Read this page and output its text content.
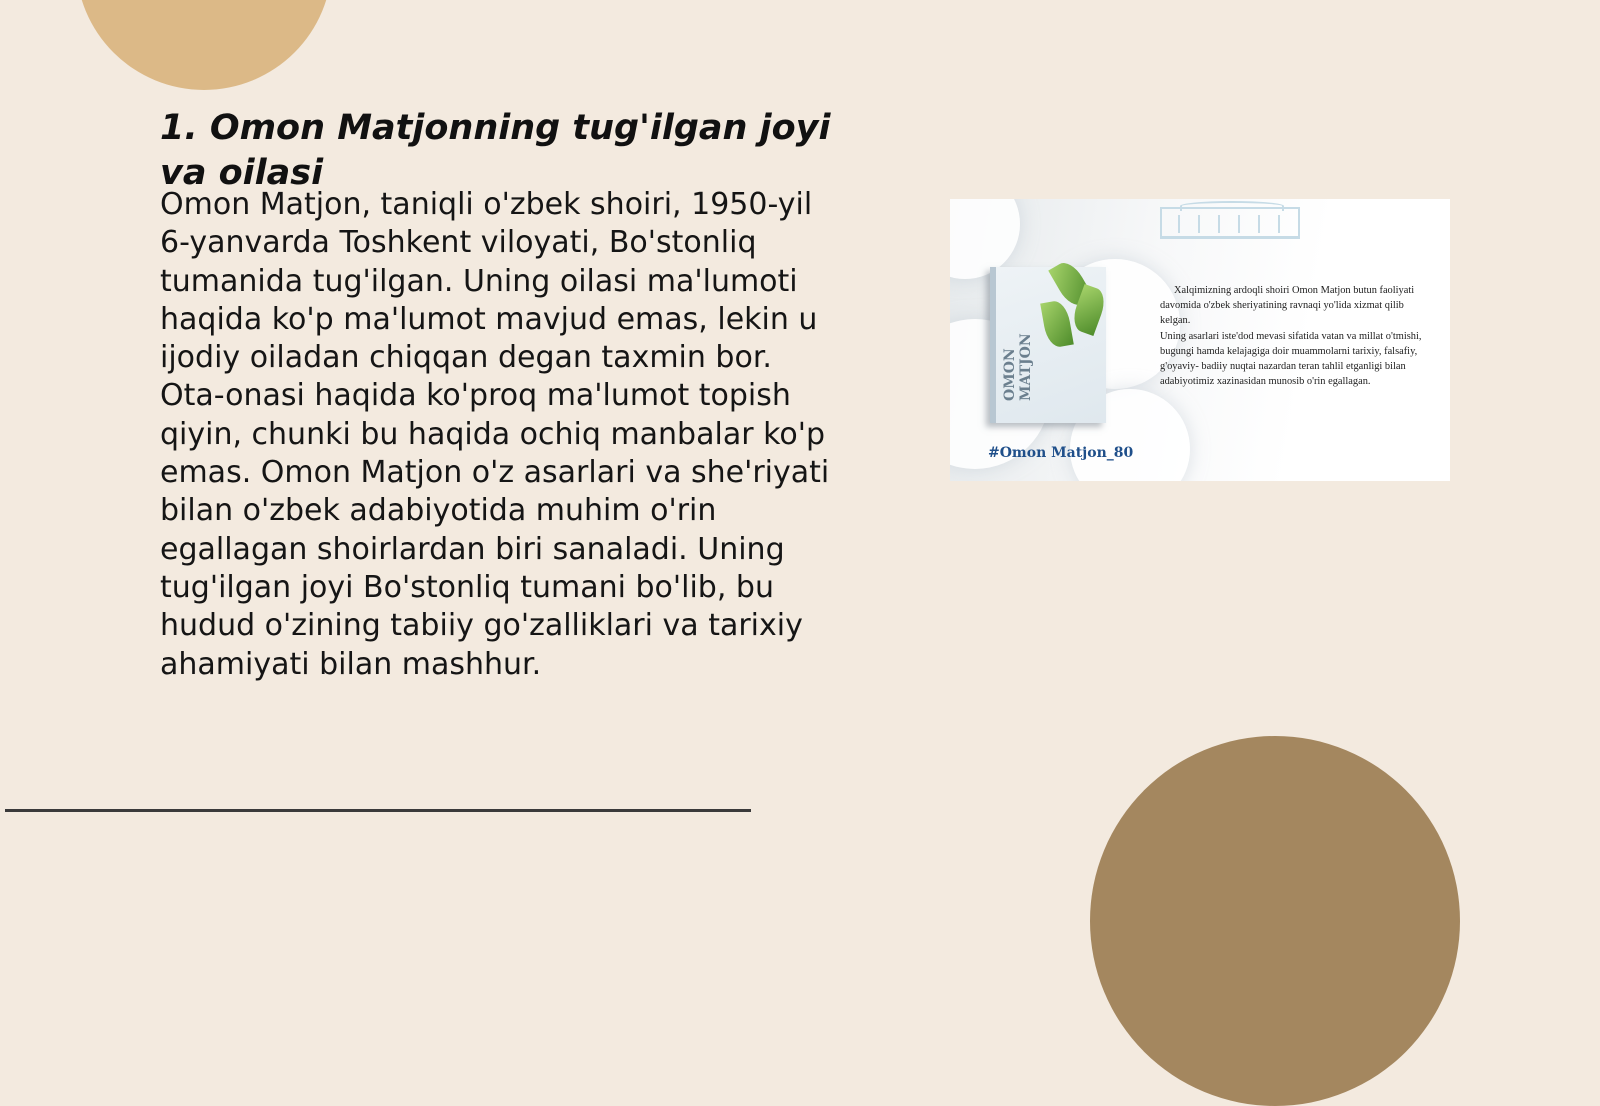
1. Omon Matjonning tug'ilgan joyi va oilasi

Omon Matjon, taniqli o'zbek shoiri, 1950-yil 6-yanvarda Toshkent viloyati, Bo'stonliq tumanida tug'ilgan. Uning oilasi ma'lumoti haqida ko'p ma'lumot mavjud emas, lekin u ijodiy oiladan chiqqan degan taxmin bor. Ota-onasi haqida ko'proq ma'lumot topish qiyin, chunki bu haqida ochiq manbalar ko'p emas. Omon Matjon o'z asarlari va she'riyati bilan o'zbek adabiyotida muhim o'rin egallagan shoirlardan biri sanaladi. Uning tug'ilgan joyi Bo'stonliq tumani bo'lib, bu hudud o'zining tabiiy go'zalliklari va tarixiy ahamiyati bilan mashhur.

OMON MATJON

Xalqimizning ardoqli shoiri Omon Matjon butun faoliyati davomida o'zbek sheriyatining ravnaqi yo'lida xizmat qilib kelgan.

Uning asarlari iste'dod mevasi sifatida vatan va millat o'tmishi, bugungi hamda kelajagiga doir muammolarni tarixiy, falsafiy, g'oyaviy- badiiy nuqtai nazardan teran tahlil etganligi bilan adabiyotimiz xazinasidan munosib o'rin egallagan.

#Omon Matjon_80
